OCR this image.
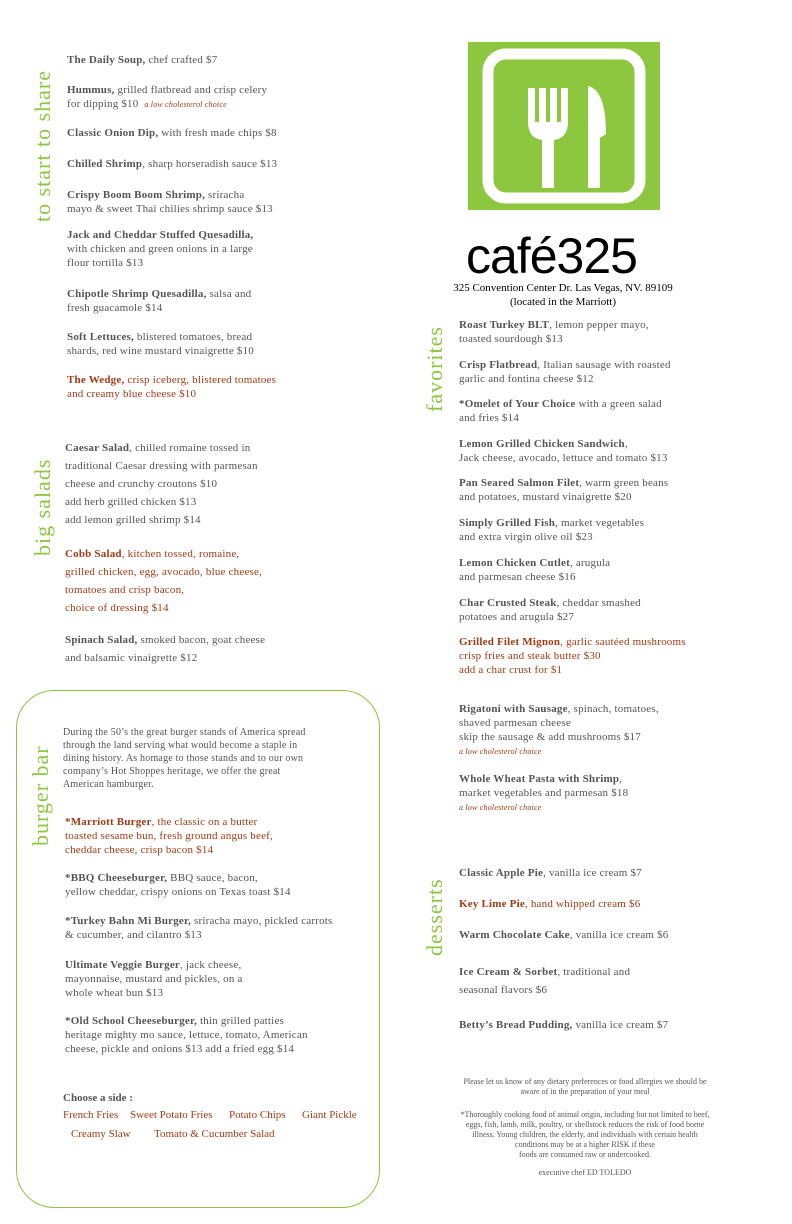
to start to share
big salads
burger bar
favorites
desserts
café325
325 Convention Center Dr. Las Vegas, NV. 89109
(located in the Marriott)
The Daily Soup, chef crafted $7
Hummus, grilled flatbread and crisp celery
for dipping $10 a low cholesterol choice
Classic Onion Dip, with fresh made chips $8
Chilled Shrimp, sharp horseradish sauce $13
Crispy Boom Boom Shrimp, sriracha
mayo & sweet Thai chilies shrimp sauce $13
Jack and Cheddar Stuffed Quesadilla,
with chicken and green onions in a large
flour tortilla $13
Chipotle Shrimp Quesadilla, salsa and
fresh guacamole $14
Soft Lettuces, blistered tomatoes, bread
shards, red wine mustard vinaigrette $10
The Wedge, crisp iceberg, blistered tomatoes
and creamy blue cheese $10
Caesar Salad, chilled romaine tossed in
traditional Caesar dressing with parmesan
cheese and crunchy croutons $10
add herb grilled chicken $13
add lemon grilled shrimp $14
Cobb Salad, kitchen tossed, romaine,
grilled chicken, egg, avocado, blue cheese,
tomatoes and crisp bacon,
choice of dressing $14
Spinach Salad, smoked bacon, goat cheese
and balsamic vinaigrette $12
During the 50’s the great burger stands of America spread
through the land serving what would become a staple in
dining history. As homage to those stands and to our own
company’s Hot Shoppes heritage, we offer the great
American hamburger.
*Marriott Burger, the classic on a butter
toasted sesame bun, fresh ground angus beef,
cheddar cheese, crisp bacon $14
*BBQ Cheeseburger, BBQ sauce, bacon,
yellow cheddar, crispy onions on Texas toast $14
*Turkey Bahn Mi Burger, sriracha mayo, pickled carrots
& cucumber, and cilantro $13
Ultimate Veggie Burger, jack cheese,
mayonnaise, mustard and pickles, on a
whole wheat bun $13
*Old School Cheeseburger, thin grilled patties
heritage mighty mo sauce, lettuce, tomato, American
cheese, pickle and onions $13 add a fried egg $14
Choose a side :
French Fries Sweet Potato Fries Potato Chips Giant Pickle
Creamy Slaw Tomato & Cucumber Salad
Roast Turkey BLT, lemon pepper mayo,
toasted sourdough $13
Crisp Flatbread, Italian sausage with roasted
garlic and fontina cheese $12
*Omelet of Your Choice with a green salad
and fries $14
Lemon Grilled Chicken Sandwich,
Jack cheese, avocado, lettuce and tomato $13
Pan Seared Salmon Filet, warm green beans
and potatoes, mustard vinaigrette $20
Simply Grilled Fish, market vegetables
and extra virgin olive oil $23
Lemon Chicken Cutlet, arugula
and parmesan cheese $16
Char Crusted Steak, cheddar smashed
potatoes and arugula $27
Grilled Filet Mignon, garlic sautéed mushrooms
crisp fries and steak butter $30
add a char crust for $1
Rigatoni with Sausage, spinach, tomatoes,
shaved parmesan cheese
skip the sausage & add mushrooms $17
a low cholesterol choice
Whole Wheat Pasta with Shrimp,
market vegetables and parmesan $18
a low cholesterol choice
Classic Apple Pie, vanilla ice cream $7
Key Lime Pie, hand whipped cream $6
Warm Chocolate Cake, vanilla ice cream $6
Ice Cream & Sorbet, traditional and
seasonal flavors $6
Betty’s Bread Pudding, vanilla ice cream $7
Please let us know of any dietary preferences or food allergies we should be
aware of in the preparation of your meal
*Thoroughly cooking food of animal origin, including but not limited to beef,
eggs, fish, lamb, milk, poultry, or shellstock reduces the risk of food borne
illness. Young children, the elderly, and individuals with certain health
conditions may be at a higher RISK if these
foods are consumed raw or undercooked.
executive chef ED TOLEDO
